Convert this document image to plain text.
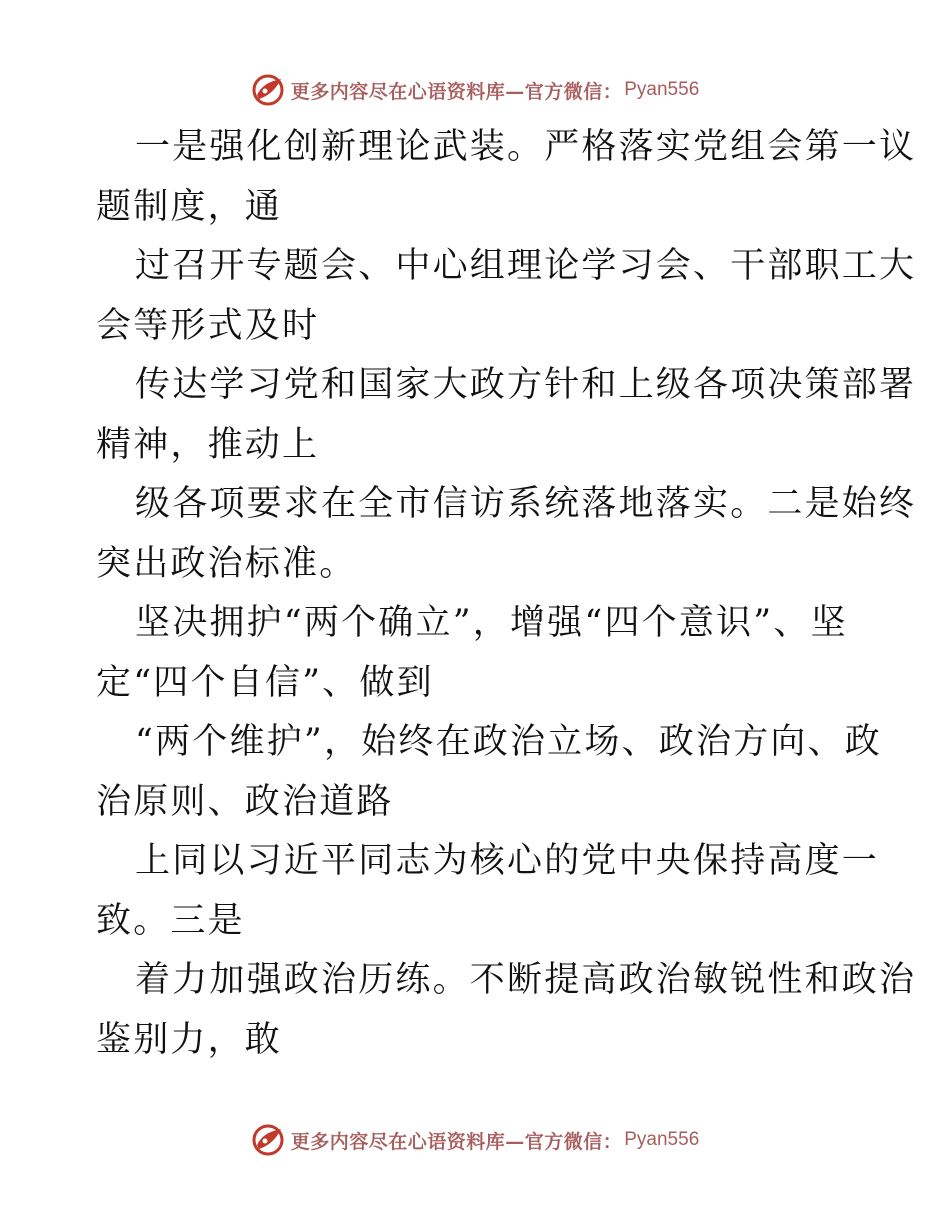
更多内容尽在心语资料库—官方微信： Pyan556
一是强化创新理论武装。严格落实党组会第一议
题制度，通
过召开专题会、中心组理论学习会、干部职工大
会等形式及时
传达学习党和国家大政方针和上级各项决策部署
精神，推动上
级各项要求在全市信访系统落地落实。二是始终
突出政治标准。
坚决拥护“两个确立”，增强“四个意识”、坚
定“四个自信”、做到
“两个维护”，始终在政治立场、政治方向、政
治原则、政治道路
上同以习近平同志为核心的党中央保持高度一
致。三是
着力加强政治历练。不断提高政治敏锐性和政治
鉴别力，敢
更多内容尽在心语资料库—官方微信： Pyan556
